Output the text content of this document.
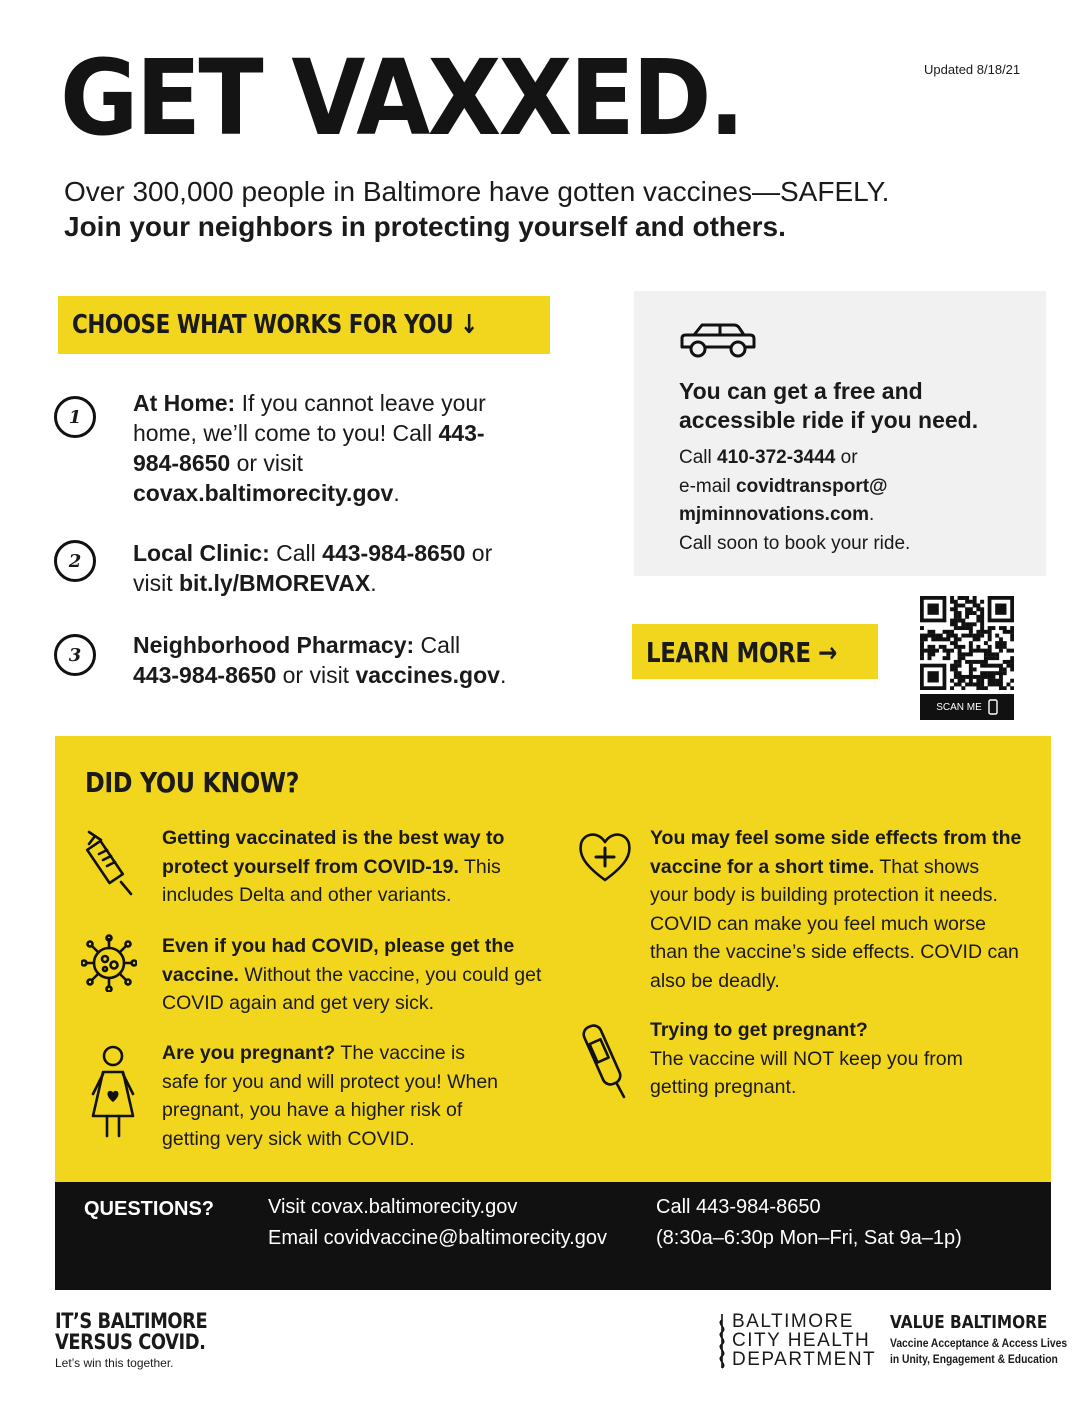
GET VAXXED.	Updated 8/18/21
Over 300,000 people in Baltimore have gotten vaccines—SAFELY.
Join your neighbors in protecting yourself and others.
CHOOSE WHAT WORKS FOR YOU ↓
1
At Home: If you cannot leave your home, we’ll come to you! Call 443-984-8650 or visit covax.baltimorecity.gov.
2	Local Clinic: Call 443-984-8650 or visit bit.ly/BMOREVAX.
3	Neighborhood Pharmacy: Call
443-984-8650 or visit vaccines.gov.
You can get a free and accessible ride if you need.
Call 410-372-3444 or
e-mail covidtransport@
mjminnovations.com.
Call soon to book your ride.
LEARN MORE →
SCAN ME
DID YOU KNOW?
Getting vaccinated is the best way to protect yourself from COVID-19. This includes Delta and other variants.
Even if you had COVID, please get the vaccine. Without the vaccine, you could get COVID again and get very sick.
Are you pregnant? The vaccine is safe for you and will protect you! When pregnant, you have a higher risk of getting very sick with COVID.
You may feel some side effects from the vaccine for a short time. That shows your body is building protection it needs. COVID can make you feel much worse than the vaccine’s side effects. COVID can also be deadly.
Trying to get pregnant?
The vaccine will NOT keep you from getting pregnant.
QUESTIONS?	Visit covax.baltimorecity.gov
Email covidvaccine@baltimorecity.gov
Call 443-984-8650
(8:30a–6:30p Mon–Fri, Sat 9a–1p)
IT’S BALTIMORE
VERSUS COVID.
Let’s win this together.
BALTIMORE
CITY HEALTH
DEPARTMENT
VALUE BALTIMORE
Vaccine Acceptance & Access Lives
in Unity, Engagement & Education
